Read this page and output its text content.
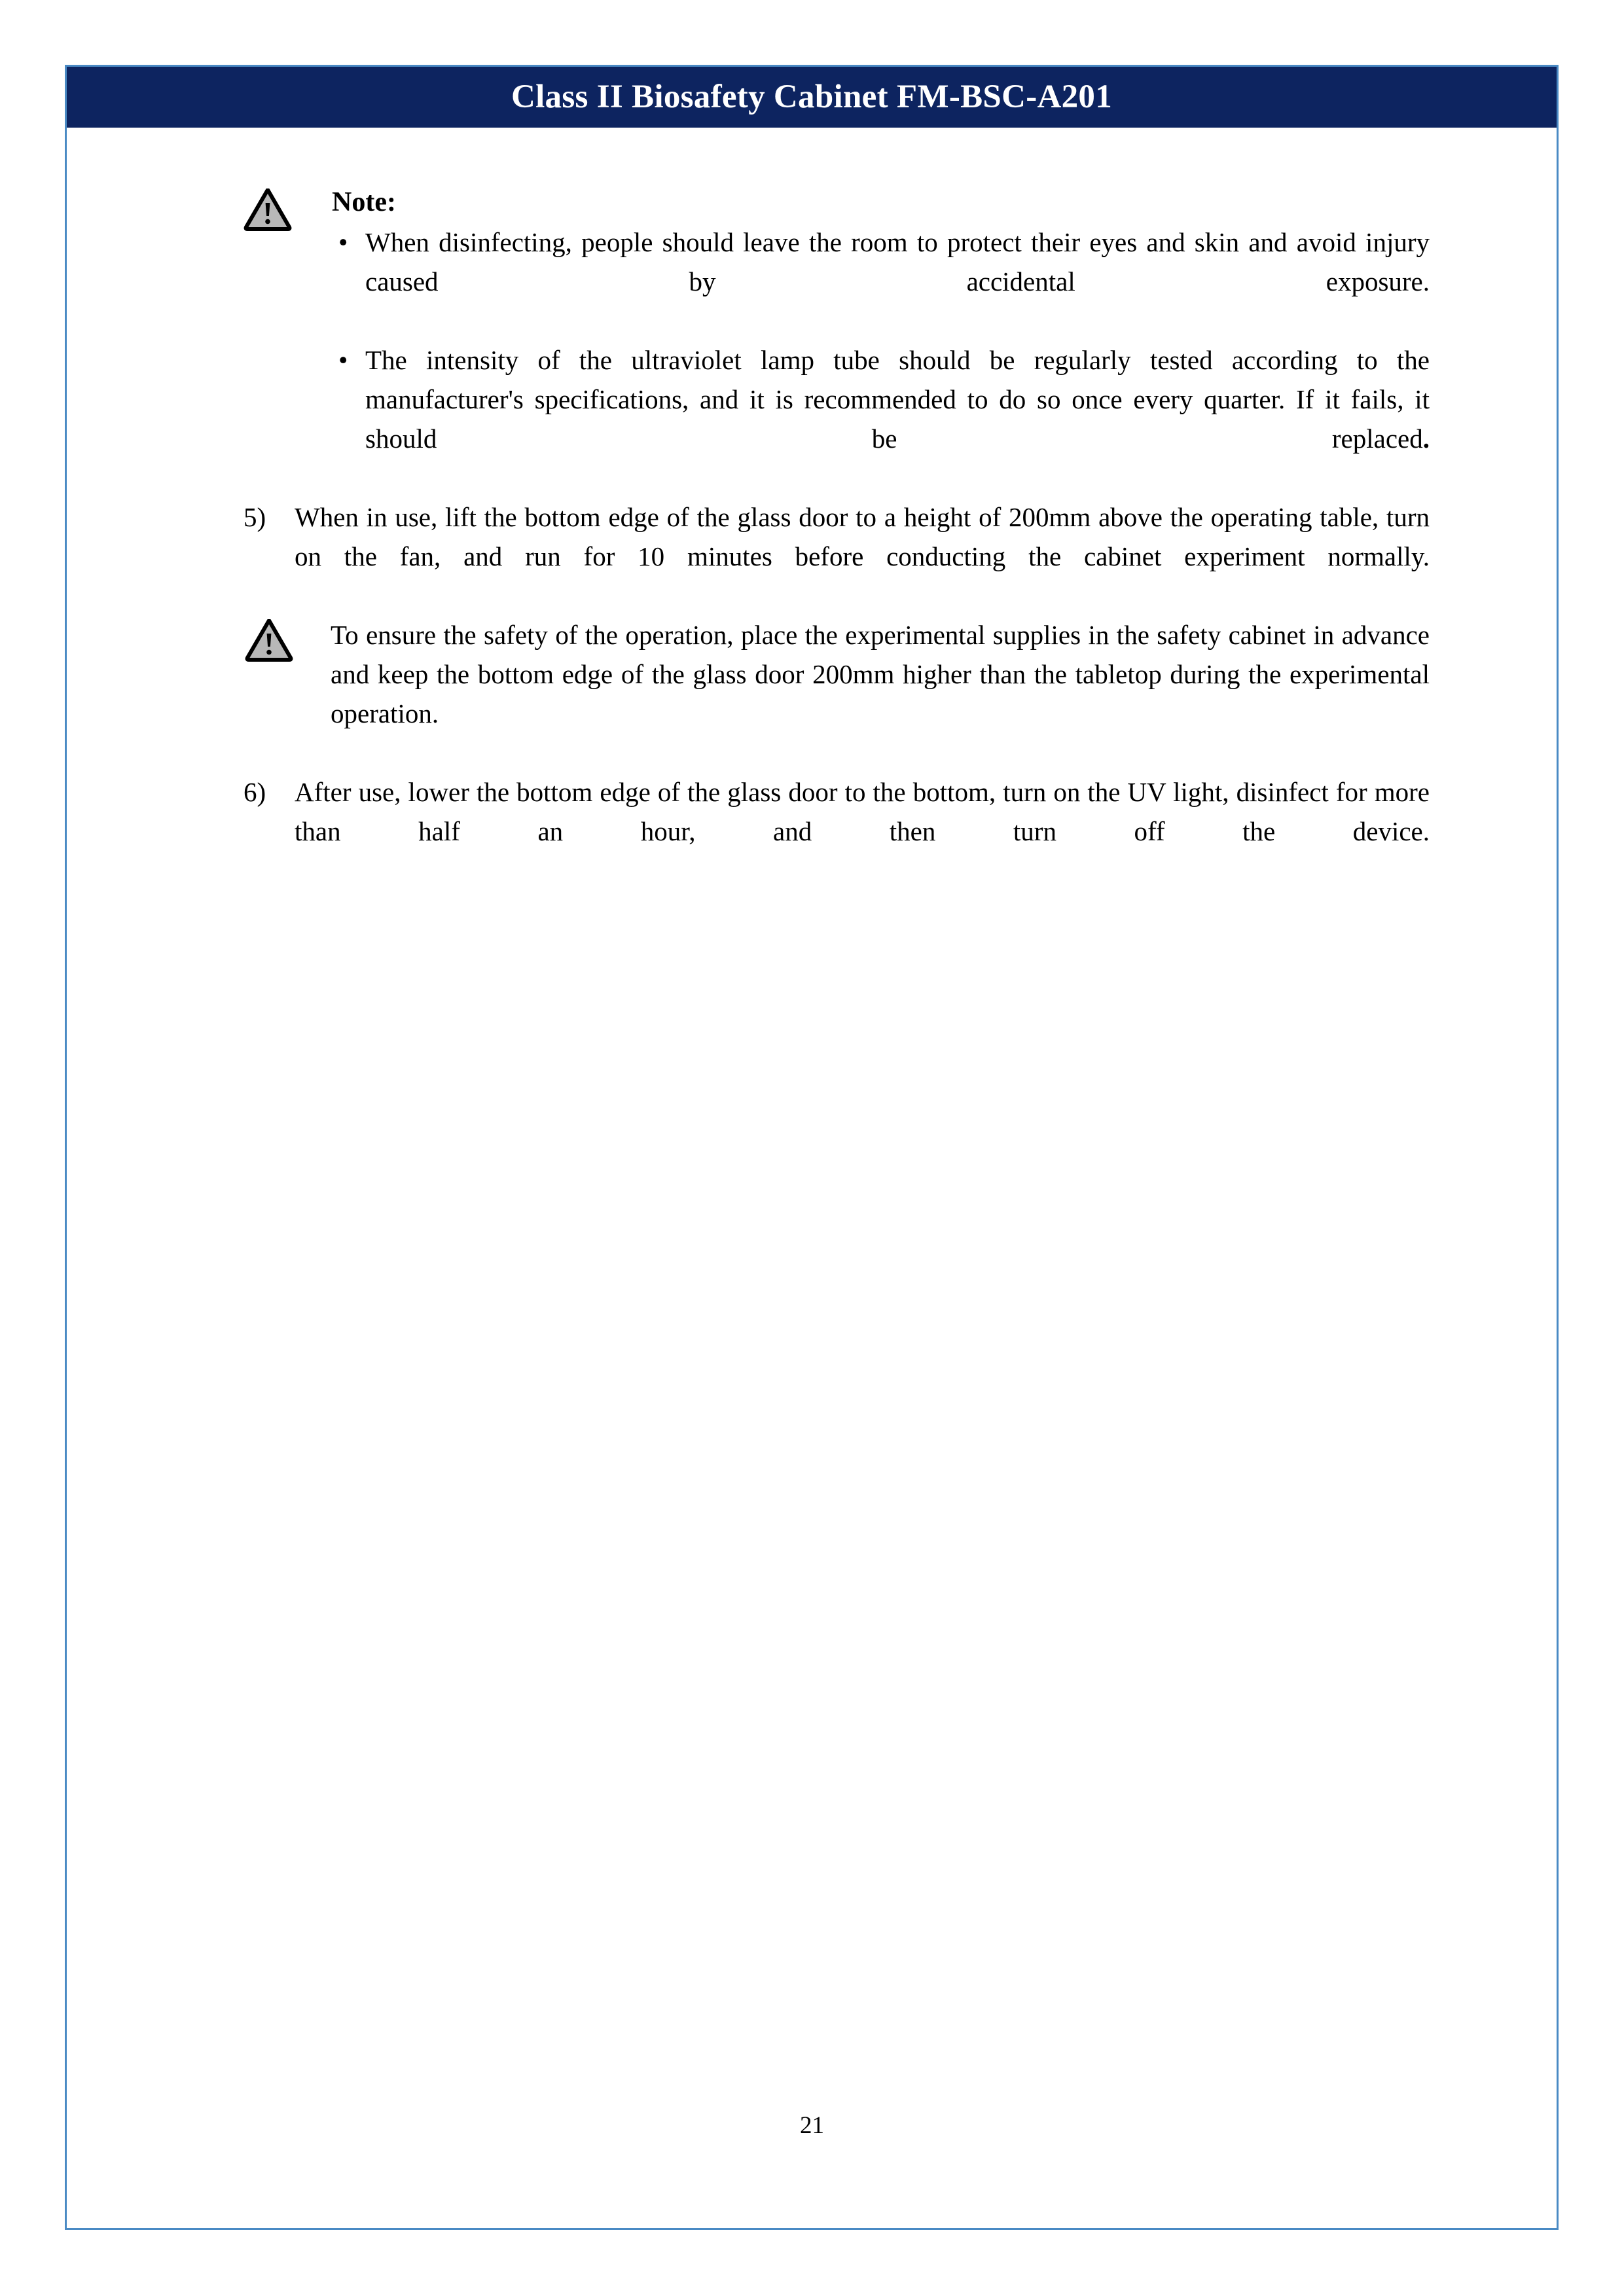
Class II Biosafety Cabinet FM-BSC-A201
Note:
• When disinfecting, people should leave the room to protect their eyes and skin and avoid injury caused by accidental exposure.
• The intensity of the ultraviolet lamp tube should be regularly tested according to the manufacturer's specifications, and it is recommended to do so once every quarter. If it fails, it should be replaced.
5)	When in use, lift the bottom edge of the glass door to a height of 200mm above the operating table, turn on the fan, and run for 10 minutes before conducting the cabinet experiment normally.
To ensure the safety of the operation, place the experimental supplies in the safety cabinet in advance and keep the bottom edge of the glass door 200mm higher than the tabletop during the experimental operation.
6)	After use, lower the bottom edge of the glass door to the bottom, turn on the UV light, disinfect for more than half an hour, and then turn off the device.
21
